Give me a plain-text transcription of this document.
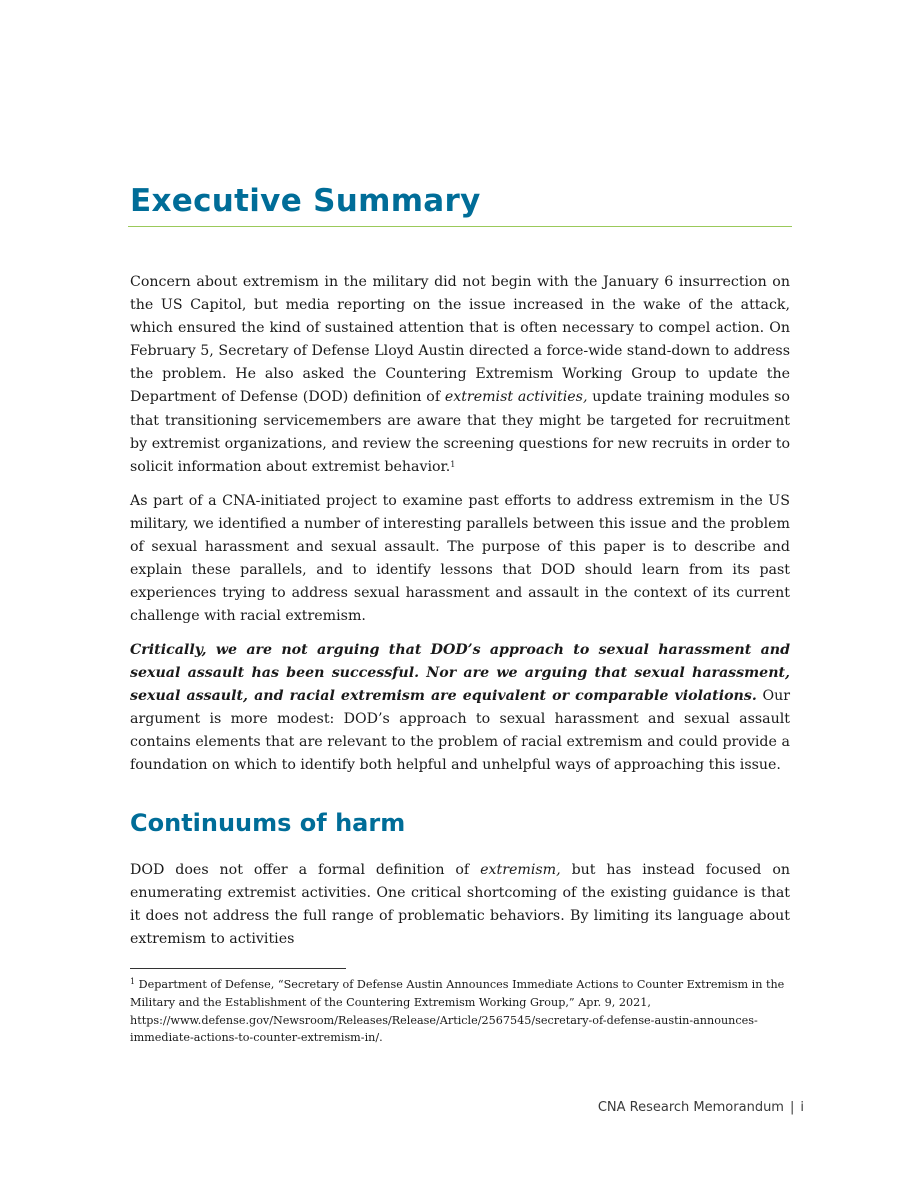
Executive Summary

Concern about extremism in the military did not begin with the January 6 insurrection on the US Capitol, but media reporting on the issue increased in the wake of the attack, which ensured the kind of sustained attention that is often necessary to compel action. On February 5, Secretary of Defense Lloyd Austin directed a force-wide stand-down to address the problem. He also asked the Countering Extremism Working Group to update the Department of Defense (DOD) definition of extremist activities, update training modules so that transitioning servicemembers are aware that they might be targeted for recruitment by extremist organizations, and review the screening questions for new recruits in order to solicit information about extremist behavior.$^1$

As part of a CNA-initiated project to examine past efforts to address extremism in the US military, we identified a number of interesting parallels between this issue and the problem of sexual harassment and sexual assault. The purpose of this paper is to describe and explain these parallels, and to identify lessons that DOD should learn from its past experiences trying to address sexual harassment and assault in the context of its current challenge with racial extremism.

Critically, we are not arguing that DOD’s approach to sexual harassment and sexual assault has been successful. Nor are we arguing that sexual harassment, sexual assault, and racial extremism are equivalent or comparable violations. Our argument is more modest: DOD’s approach to sexual harassment and sexual assault contains elements that are relevant to the problem of racial extremism and could provide a foundation on which to identify both helpful and unhelpful ways of approaching this issue.

Continuums of harm

DOD does not offer a formal definition of extremism, but has instead focused on enumerating extremist activities. One critical shortcoming of the existing guidance is that it does not address the full range of problematic behaviors. By limiting its language about extremism to activities

$^1$ Department of Defense, “Secretary of Defense Austin Announces Immediate Actions to Counter Extremism in the Military and the Establishment of the Countering Extremism Working Group,” Apr. 9, 2021, https://www.defense.gov/Newsroom/Releases/Release/Article/2567545/secretary-of-defense-austin-announces-immediate-actions-to-counter-extremism-in/.

CNA Research Memorandum | i
